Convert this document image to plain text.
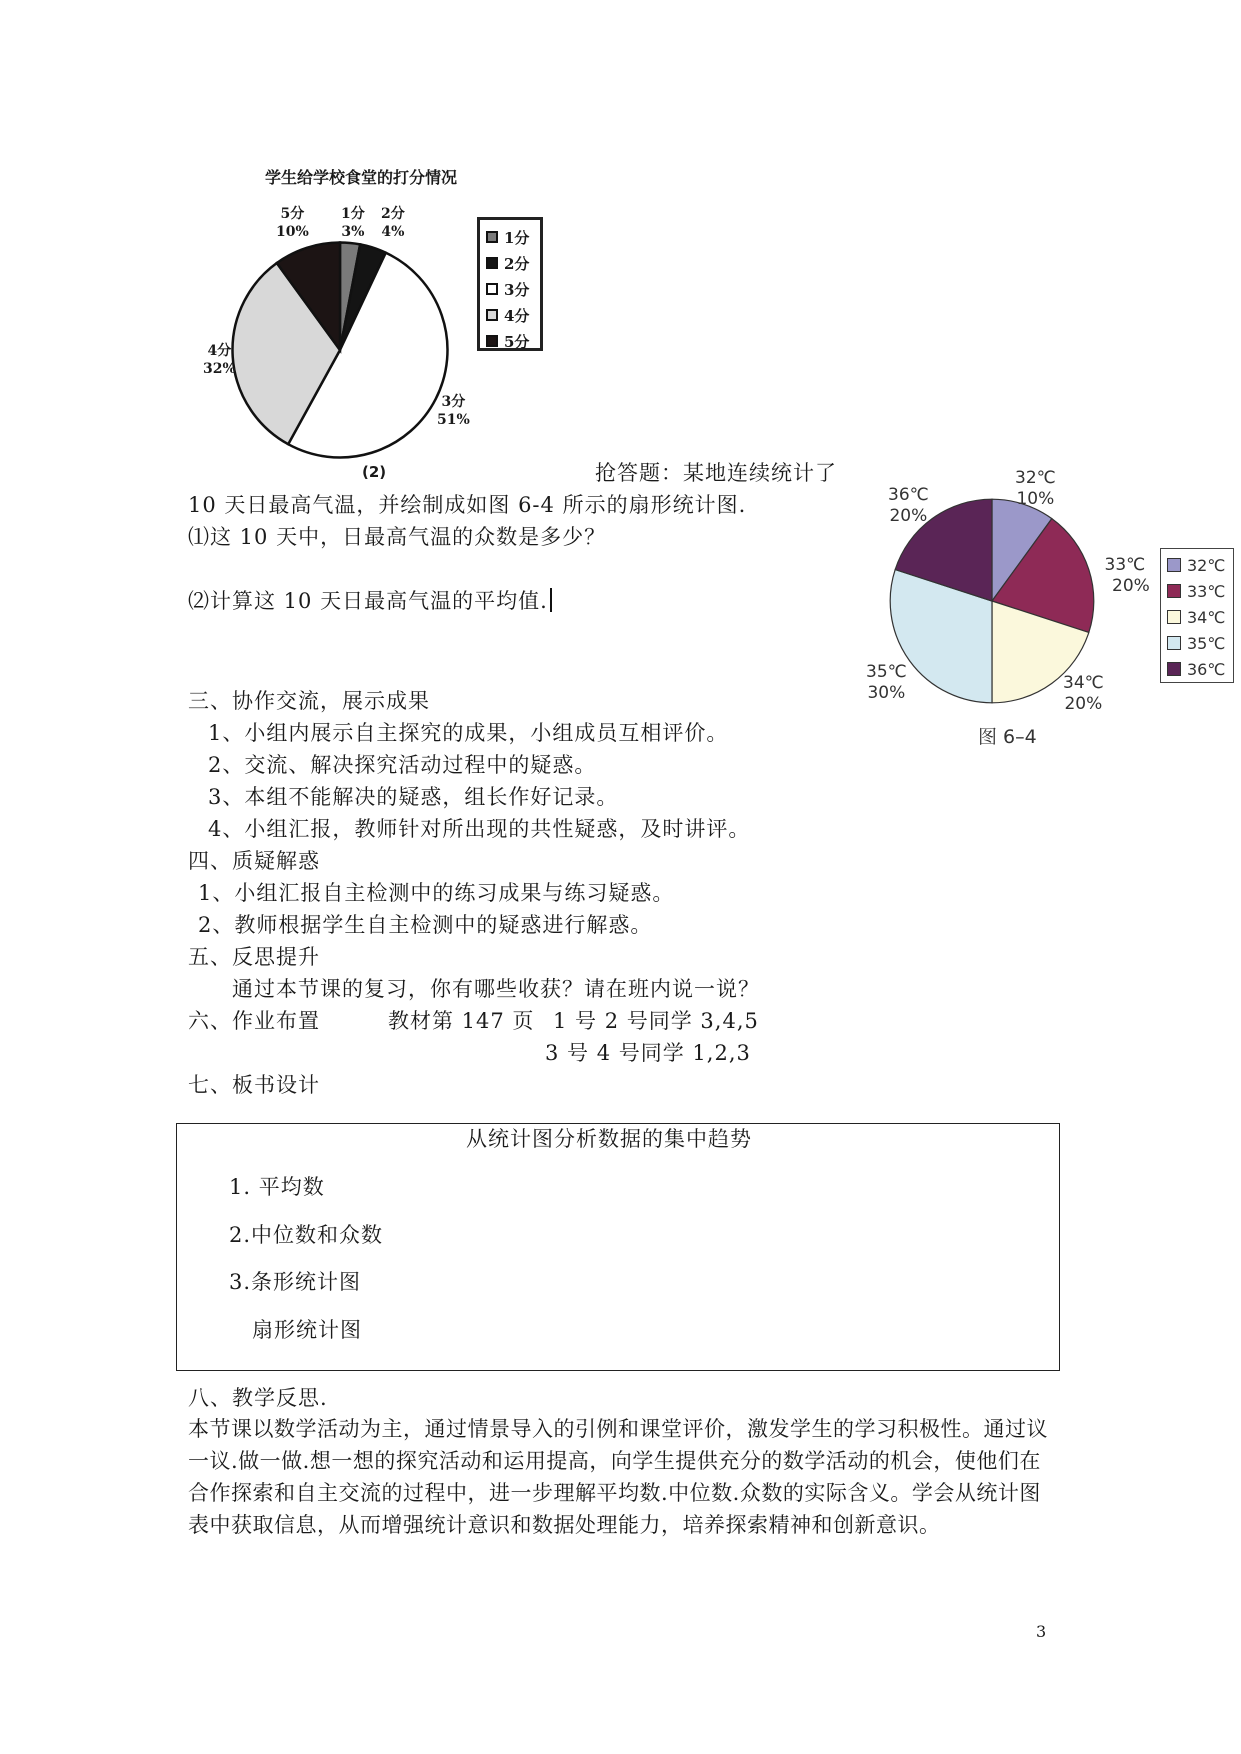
学生给学校食堂的打分情况
5分
10%
1分
3%
2分
4%
4分
32%
3分
51%
1分
2分
3分
4分
5分
(2)	抢答题：某地连续统计了
10 天日最高气温，并绘制成如图 6-4 所示的扇形统计图.
⑴这 10 天中，日最高气温的众数是多少？
⑵计算这 10 天日最高气温的平均值.
32℃
10%
36℃
20%
33℃
20%
35℃
30%	34℃
20%
32℃
33℃
34℃
35℃
36℃
图 6–4
三、协作交流，展示成果
1、小组内展示自主探究的成果，小组成员互相评价。
2、交流、解决探究活动过程中的疑惑。
3、本组不能解决的疑惑，组长作好记录。
4、小组汇报，教师针对所出现的共性疑惑，及时讲评。
四、质疑解惑
1、小组汇报自主检测中的练习成果与练习疑惑。
2、教师根据学生自主检测中的疑惑进行解惑。
五、反思提升
通过本节课的复习，你有哪些收获？请在班内说一说？
六、作业布置	教材第 147 页 1 号 2 号同学 3,4,5
3 号 4 号同学 1,2,3
七、板书设计
从统计图分析数据的集中趋势
1. 平均数
2.中位数和众数
3.条形统计图
扇形统计图
八、教学反思.
本节课以数学活动为主，通过情景导入的引例和课堂评价，激发学生的学习积极性。通过议
一议.做一做.想一想的探究活动和运用提高，向学生提供充分的数学活动的机会，使他们在
合作探索和自主交流的过程中，进一步理解平均数.中位数.众数的实际含义。学会从统计图
表中获取信息，从而增强统计意识和数据处理能力，培养探索精神和创新意识。
3
